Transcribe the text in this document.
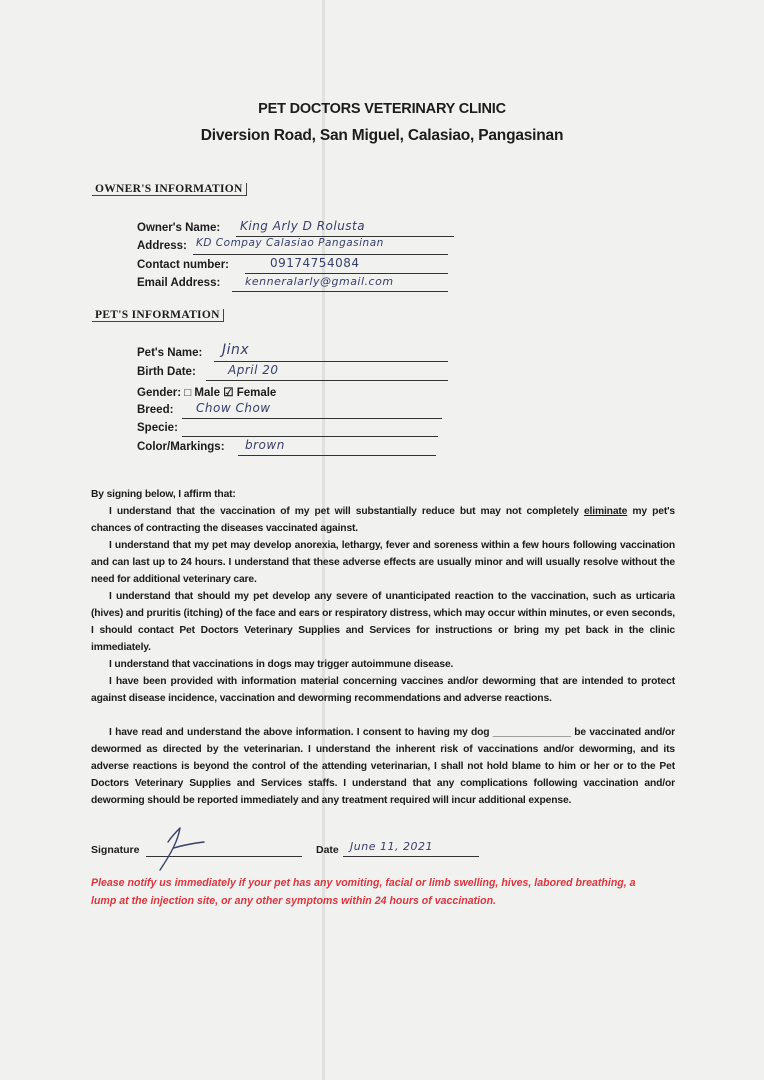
PET DOCTORS VETERINARY CLINIC
Diversion Road, San Miguel, Calasiao, Pangasinan
OWNER'S INFORMATION
Owner's Name: King Arly D Rolusta
Address: KD Compay Calasiao Pangasinan
Contact number:	09174754084
Email Address: kenneralarly@gmail.com
PET'S INFORMATION
Pet's Name: Jinx
Birth Date:	April 20
Gender: □ Male ☑ Female
Breed: Chow Chow
Specie:
Color/Markings: brown
By signing below, I affirm that:
I understand that the vaccination of my pet will substantially reduce but may not completely eliminate my pet's chances of contracting the diseases vaccinated against.
I understand that my pet may develop anorexia, lethargy, fever and soreness within a few hours following vaccination and can last up to 24 hours. I understand that these adverse effects are usually minor and will usually resolve without the need for additional veterinary care.
I understand that should my pet develop any severe of unanticipated reaction to the vaccination, such as urticaria (hives) and pruritis (itching) of the face and ears or respiratory distress, which may occur within minutes, or even seconds, I should contact Pet Doctors Veterinary Supplies and Services for instructions or bring my pet back in the clinic immediately.
I understand that vaccinations in dogs may trigger autoimmune disease.
I have been provided with information material concerning vaccines and/or deworming that are intended to protect against disease incidence, vaccination and deworming recommendations and adverse reactions.
I have read and understand the above information. I consent to having my dog ______________ be vaccinated and/or dewormed as directed by the veterinarian. I understand the inherent risk of vaccinations and/or deworming, and its adverse reactions is beyond the control of the attending veterinarian, I shall not hold blame to him or her or to the Pet Doctors Veterinary Supplies and Services staffs. I understand that any complications following vaccination and/or deworming should be reported immediately and any treatment required will incur additional expense.
Signature	Date June 11, 2021
Please notify us immediately if your pet has any vomiting, facial or limb swelling, hives, labored breathing, a lump at the injection site, or any other symptoms within 24 hours of vaccination.
